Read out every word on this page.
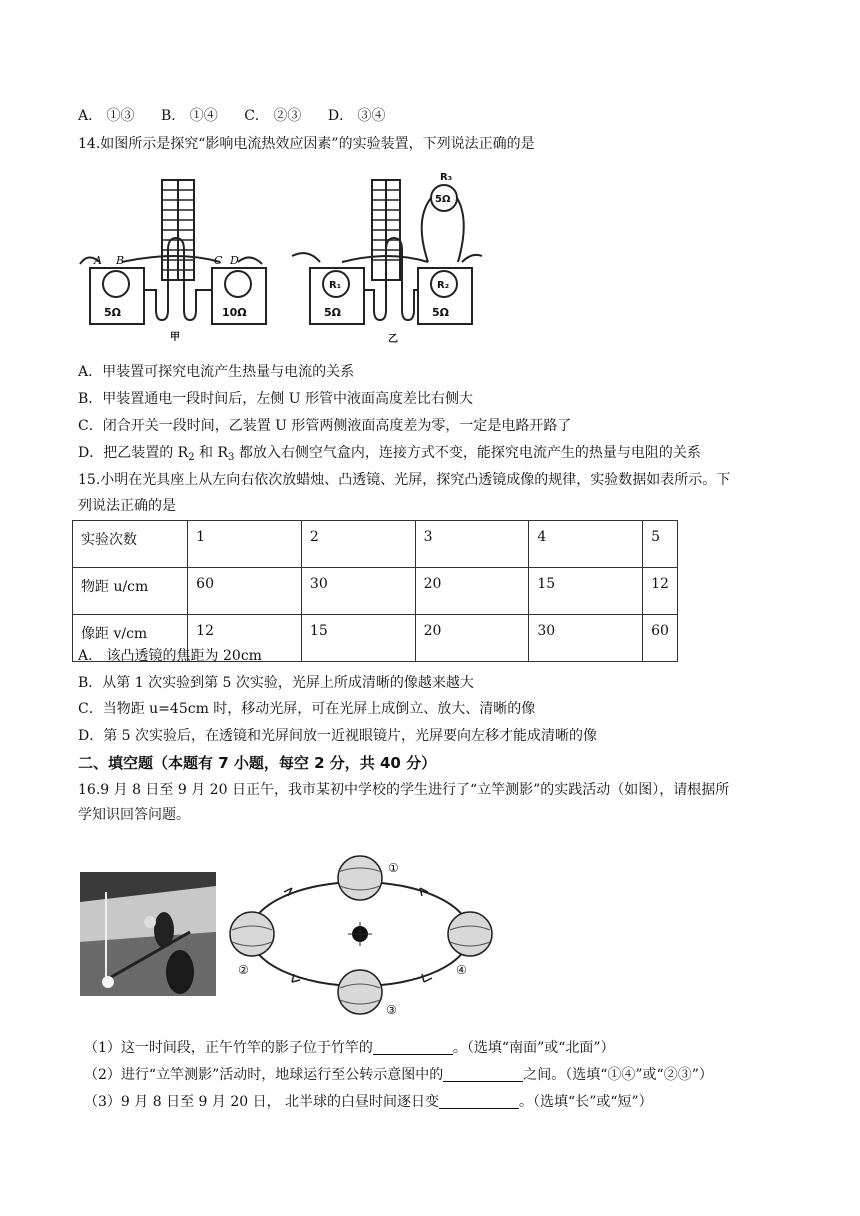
A． ①③ B． ①④ C． ②③ D． ③④
14.如图所示是探究“影响电流热效应因素”的实验装置，下列说法正确的是
A B	C D
5Ω	10Ω
甲
R₁	R₂
R₃
5Ω	5Ω
5Ω
乙
A．甲装置可探究电流产生热量与电流的关系
B．甲装置通电一段时间后，左侧 U 形管中液面高度差比右侧大
C．闭合开关一段时间，乙装置 U 形管两侧液面高度差为零，一定是电路开路了
D．把乙装置的 $R_2$ 和 $R_3$ 都放入右侧空气盒内，连接方式不变，能探究电流产生的热量与电阻的关系
15.小明在光具座上从左向右依次放蜡烛、凸透镜、光屏，探究凸透镜成像的规律，实验数据如表所示。下
列说法正确的是
实验次数	1	2	3	4	5
物距 u/cm	60	30	20	15	12
像距 v/cm	12	15	20	30	60
A． 该凸透镜的焦距为 20cm
B．从第 1 次实验到第 5 次实验，光屏上所成清晰的像越来越大
C．当物距 u=45cm 时，移动光屏，可在光屏上成倒立、放大、清晰的像
D．第 5 次实验后，在透镜和光屏间放一近视眼镜片，光屏要向左移才能成清晰的像
二、填空题（本题有 7 小题，每空 2 分，共 40 分）
16.9 月 8 日至 9 月 20 日正午，我市某初中学校的学生进行了“立竿测影”的实践活动（如图），请根据所
学知识回答问题。
①
②
③
④
（1）这一时间段，正午竹竿的影子位于竹竿的	。（选填“南面”或“北面”）
（2）进行“立竿测影”活动时，地球运行至公转示意图中的	之间。（选填“①④”或“②③”）
（3）9 月 8 日至 9 月 20 日， 北半球的白昼时间逐日变	。（选填“长”或“短”）
